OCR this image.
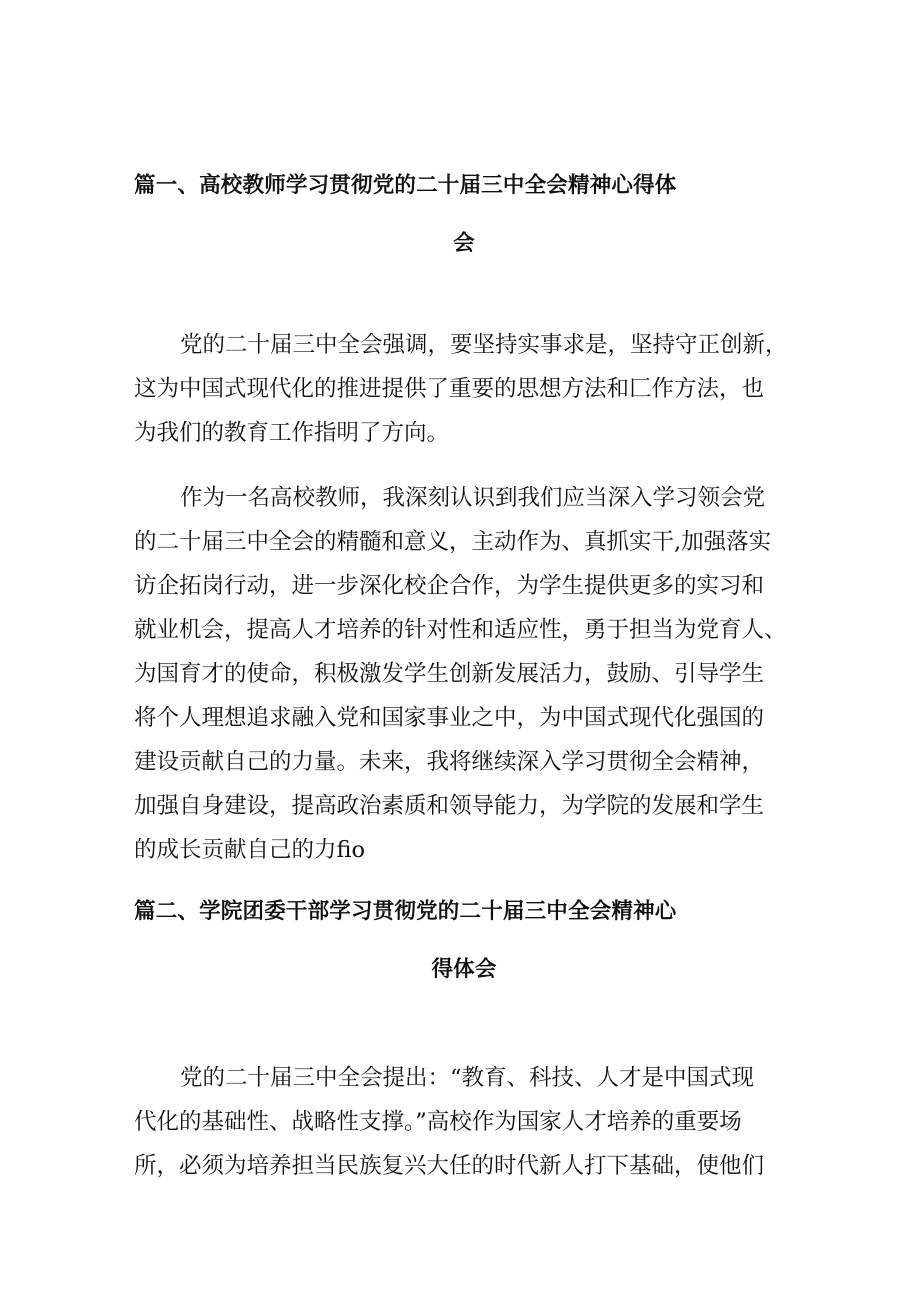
篇一、高校教师学习贯彻党的二十届三中全会精神心得体
会

党的二十届三中全会强调，要坚持实事求是，坚持守正创新，
这为中国式现代化的推进提供了重要的思想方法和匚作方法，也
为我们的教育工作指明了方向。

作为一名高校教师，我深刻认识到我们应当深入学习领会党
的二十届三中全会的精髓和意义，主动作为、真抓实干,加强落实
访企拓岗行动，进一步深化校企合作，为学生提供更多的实习和
就业机会，提高人才培养的针对性和适应性，勇于担当为党育人、
为国育才的使命，积极激发学生创新发展活力，鼓励、引导学生
将个人理想追求融入党和国家事业之中，为中国式现代化强国的
建设贡献自己的力量。未来，我将继续深入学习贯彻全会精神，
加强自身建设，提高政治素质和领导能力，为学院的发展和学生
的成长贡献自己的力fio

篇二、学院团委干部学习贯彻党的二十届三中全会精神心
得体会

党的二十届三中全会提出：“教育、科技、人才是中国式现
代化的基础性、战略性支撑。”高校作为国家人才培养的重要场
所，必须为培养担当民族复兴大任的时代新人打下基础，使他们
